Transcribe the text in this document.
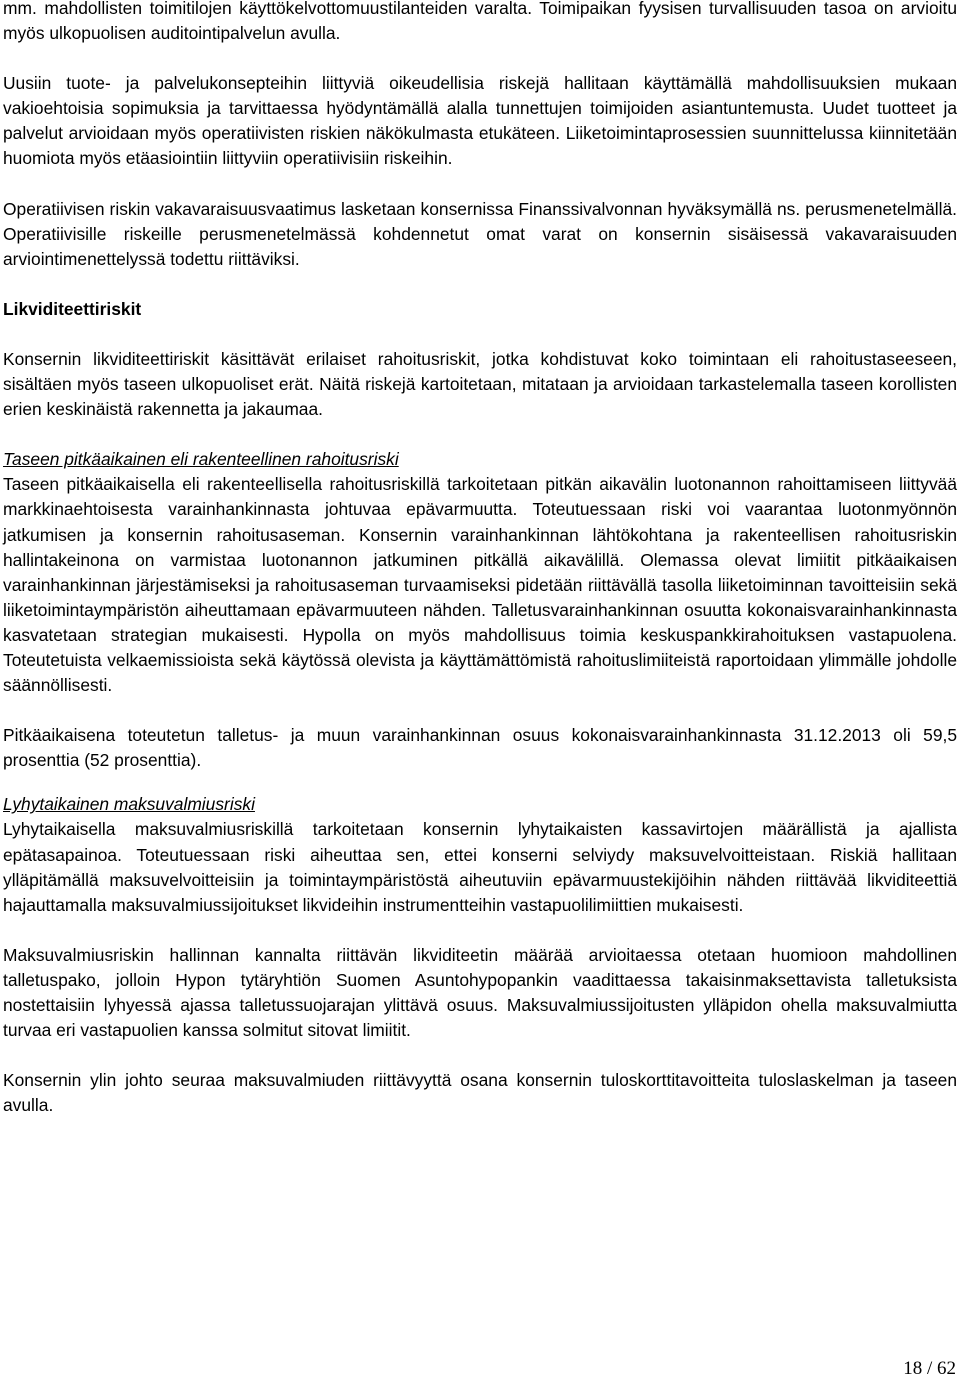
mm. mahdollisten toimitilojen käyttökelvottomuustilanteiden varalta. Toimipaikan fyysisen turvallisuuden tasoa on arvioitu myös ulkopuolisen auditointipalvelun avulla.

Uusiin tuote- ja palvelukonsepteihin liittyviä oikeudellisia riskejä hallitaan käyttämällä mahdollisuuksien mukaan vakioehtoisia sopimuksia ja tarvittaessa hyödyntämällä alalla tunnettujen toimijoiden asiantuntemusta. Uudet tuotteet ja palvelut arvioidaan myös operatiivisten riskien näkökulmasta etukäteen. Liiketoimintaprosessien suunnittelussa kiinnitetään huomiota myös etäasiointiin liittyviin operatiivisiin riskeihin.

Operatiivisen riskin vakavaraisuusvaatimus lasketaan konsernissa Finanssivalvonnan hyväksymällä ns. perusmenetelmällä. Operatiivisille riskeille perusmenetelmässä kohdennetut omat varat on konsernin sisäisessä vakavaraisuuden arviointimenettelyssä todettu riittäviksi.

Likviditeettiriskit

Konsernin likviditeettiriskit käsittävät erilaiset rahoitusriskit, jotka kohdistuvat koko toimintaan eli rahoitustaseeseen, sisältäen myös taseen ulkopuoliset erät. Näitä riskejä kartoitetaan, mitataan ja arvioidaan tarkastelemalla taseen korollisten erien keskinäistä rakennetta ja jakaumaa.

Taseen pitkäaikainen eli rakenteellinen rahoitusriski

Taseen pitkäaikaisella eli rakenteellisella rahoitusriskillä tarkoitetaan pitkän aikavälin luotonannon rahoittamiseen liittyvää markkinaehtoisesta varainhankinnasta johtuvaa epävarmuutta. Toteutuessaan riski voi vaarantaa luotonmyönnön jatkumisen ja konsernin rahoitusaseman. Konsernin varainhankinnan lähtökohtana ja rakenteellisen rahoitusriskin hallintakeinona on varmistaa luotonannon jatkuminen pitkällä aikavälillä. Olemassa olevat limiitit pitkäaikaisen varainhankinnan järjestämiseksi ja rahoitusaseman turvaamiseksi pidetään riittävällä tasolla liiketoiminnan tavoitteisiin sekä liiketoimintaympäristön aiheuttamaan epävarmuuteen nähden. Talletusvarainhankinnan osuutta kokonaisvarainhankinnasta kasvatetaan strategian mukaisesti. Hypolla on myös mahdollisuus toimia keskuspankkirahoituksen vastapuolena. Toteutetuista velkaemissioista sekä käytössä olevista ja käyttämättömistä rahoituslimiiteistä raportoidaan ylimmälle johdolle säännöllisesti.

Pitkäaikaisena toteutetun talletus- ja muun varainhankinnan osuus kokonaisvarainhankinnasta 31.12.2013 oli 59,5 prosenttia (52 prosenttia).

Lyhytaikainen maksuvalmiusriski

Lyhytaikaisella maksuvalmiusriskillä tarkoitetaan konsernin lyhytaikaisten kassavirtojen määrällistä ja ajallista epätasapainoa. Toteutuessaan riski aiheuttaa sen, ettei konserni selviydy maksuvelvoitteistaan. Riskiä hallitaan ylläpitämällä maksuvelvoitteisiin ja toimintaympäristöstä aiheutuviin epävarmuustekijöihin nähden riittävää likviditeettiä hajauttamalla maksuvalmiussijoitukset likvideihin instrumentteihin vastapuolilimiittien mukaisesti.

Maksuvalmiusriskin hallinnan kannalta riittävän likviditeetin määrää arvioitaessa otetaan huomioon mahdollinen talletuspako, jolloin Hypon tytäryhtiön Suomen Asuntohypopankin vaadittaessa takaisinmaksettavista talletuksista nostettaisiin lyhyessä ajassa talletussuojarajan ylittävä osuus. Maksuvalmiussijoitusten ylläpidon ohella maksuvalmiutta turvaa eri vastapuolien kanssa solmitut sitovat limiitit.

Konsernin ylin johto seuraa maksuvalmiuden riittävyyttä osana konsernin tuloskorttitavoitteita tuloslaskelman ja taseen avulla.

18 / 62
